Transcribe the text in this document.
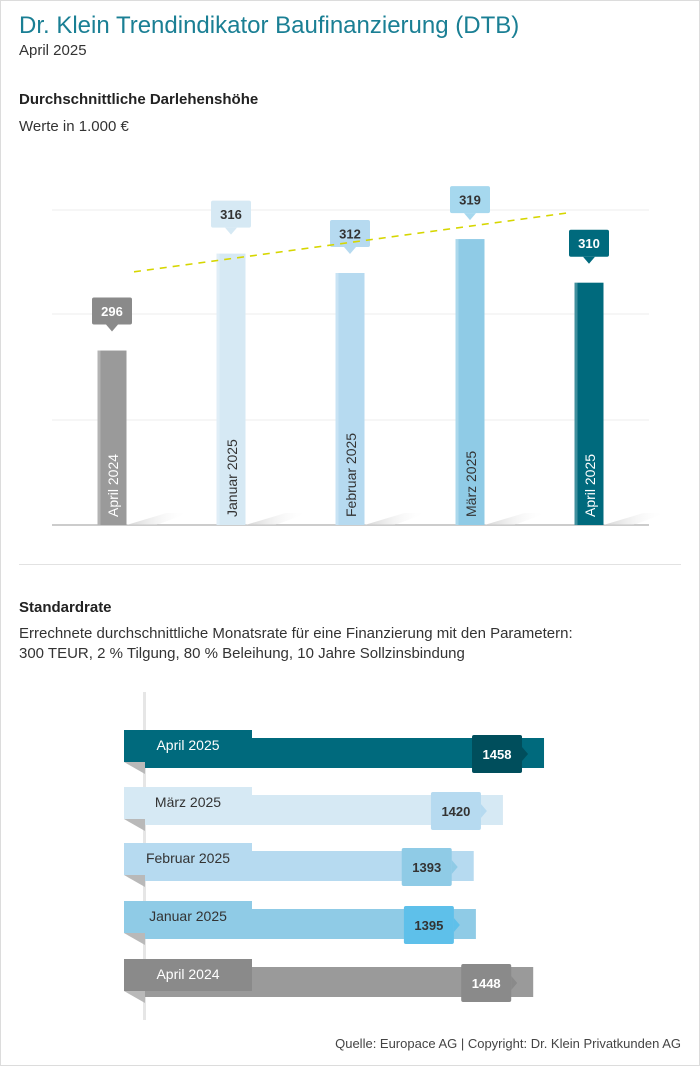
Dr. Klein Trendindikator Baufinanzierung (DTB)
April 2025
Durchschnittliche Darlehenshöhe
Werte in 1.000 €
Standardrate
Errechnete durchschnittliche Monatsrate für eine Finanzierung mit den Parametern:
300 TEUR, 2 % Tilgung, 80 % Beleihung, 10 Jahre Sollzinsbindung
April 2024
296
Januar 2025
316
Februar 2025
312
März 2025
319
April 2025
310
April 2025
1458
März 2025
1420
Februar 2025
1393
Januar 2025
1395
April 2024
1448
Quelle: Europace AG | Copyright: Dr. Klein Privatkunden AG
